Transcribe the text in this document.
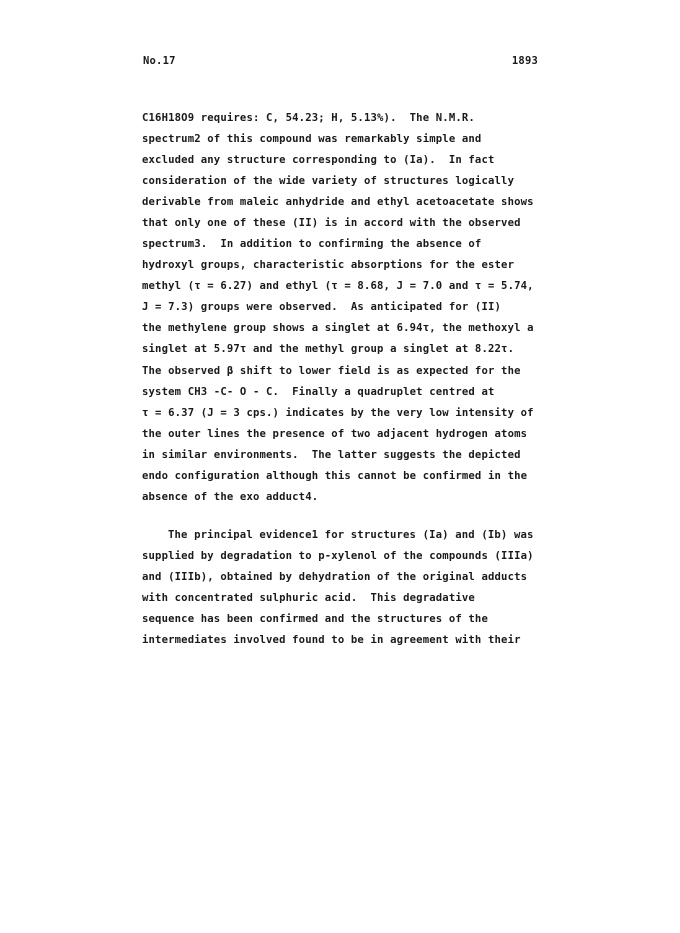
No.17	1893
C16H18O9 requires: C, 54.23; H, 5.13%).  The N.M.R.
spectrum2 of this compound was remarkably simple and
excluded any structure corresponding to (Ia).  In fact
consideration of the wide variety of structures logically
derivable from maleic anhydride and ethyl acetoacetate shows
that only one of these (II) is in accord with the observed
spectrum3.  In addition to confirming the absence of
hydroxyl groups, characteristic absorptions for the ester
methyl (τ = 6.27) and ethyl (τ = 8.68, J = 7.0 and τ = 5.74,
J = 7.3) groups were observed.  As anticipated for (II)
the methylene group shows a singlet at 6.94τ, the methoxyl a
singlet at 5.97τ and the methyl group a singlet at 8.22τ.
The observed β shift to lower field is as expected for the
system CH3 -C- O - C.  Finally a quadruplet centred at
τ = 6.37 (J = 3 cps.) indicates by the very low intensity of
the outer lines the presence of two adjacent hydrogen atoms
in similar environments.  The latter suggests the depicted
endo configuration although this cannot be confirmed in the
absence of the exo adduct4.
The principal evidence1 for structures (Ia) and (Ib) was
supplied by degradation to p-xylenol of the compounds (IIIa)
and (IIIb), obtained by dehydration of the original adducts
with concentrated sulphuric acid.  This degradative
sequence has been confirmed and the structures of the
intermediates involved found to be in agreement with their
